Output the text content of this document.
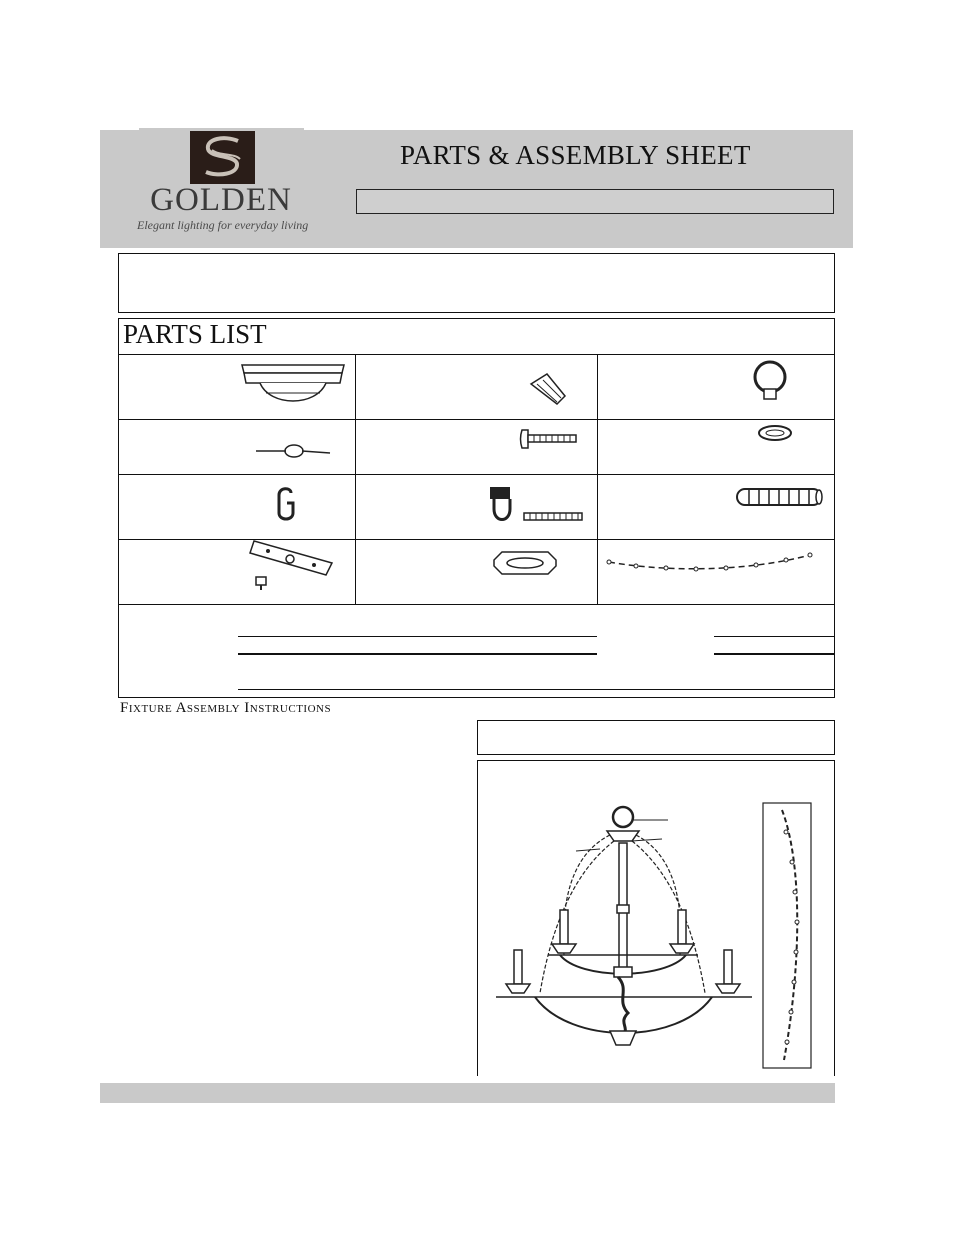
GOLDEN
Elegant lighting for everyday living
PARTS & ASSEMBLY SHEET
PARTS LIST
Fixture Assembly Instructions
